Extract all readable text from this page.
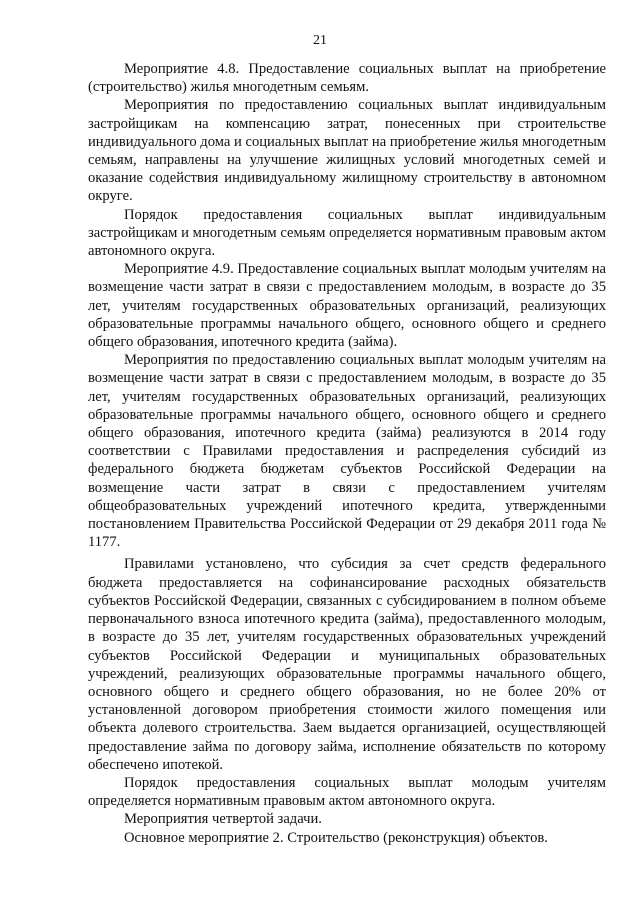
21

Мероприятие 4.8. Предоставление социальных выплат на приобретение (строительство) жилья многодетным семьям.

Мероприятия по предоставлению социальных выплат индивидуальным застройщикам на компенсацию затрат, понесенных при строительстве индивидуального дома и социальных выплат на приобретение жилья многодетным семьям, направлены на улучшение жилищных условий многодетных семей и оказание содействия индивидуальному жилищному строительству в автономном округе.

Порядок предоставления социальных выплат индивидуальным застройщикам и многодетным семьям определяется нормативным правовым актом автономного округа.

Мероприятие 4.9. Предоставление социальных выплат молодым учителям на возмещение части затрат в связи с предоставлением молодым, в возрасте до 35 лет, учителям государственных образовательных организаций, реализующих образовательные программы начального общего, основного общего и среднего общего образования, ипотечного кредита (займа).

Мероприятия по предоставлению социальных выплат молодым учителям на возмещение части затрат в связи с предоставлением молодым, в возрасте до 35 лет, учителям государственных образовательных организаций, реализующих образовательные программы начального общего, основного общего и среднего общего образования, ипотечного кредита (займа) реализуются в 2014 году соответствии с Правилами предоставления и распределения субсидий из федерального бюджета бюджетам субъектов Российской Федерации на возмещение части затрат в связи с предоставлением учителям общеобразовательных учреждений ипотечного кредита, утвержденными постановлением Правительства Российской Федерации от 29 декабря 2011 года № 1177.

Правилами установлено, что субсидия за счет средств федерального бюджета предоставляется на софинансирование расходных обязательств субъектов Российской Федерации, связанных с субсидированием в полном объеме первоначального взноса ипотечного кредита (займа), предоставленного молодым, в возрасте до 35 лет, учителям государственных образовательных учреждений субъектов Российской Федерации и муниципальных образовательных учреждений, реализующих образовательные программы начального общего, основного общего и среднего общего образования, но не более 20% от установленной договором приобретения стоимости жилого помещения или объекта долевого строительства. Заем выдается организацией, осуществляющей предоставление займа по договору займа, исполнение обязательств по которому обеспечено ипотекой.

Порядок предоставления социальных выплат молодым учителям определяется нормативным правовым актом автономного округа.

Мероприятия четвертой задачи.

Основное мероприятие 2. Строительство (реконструкция) объектов.
